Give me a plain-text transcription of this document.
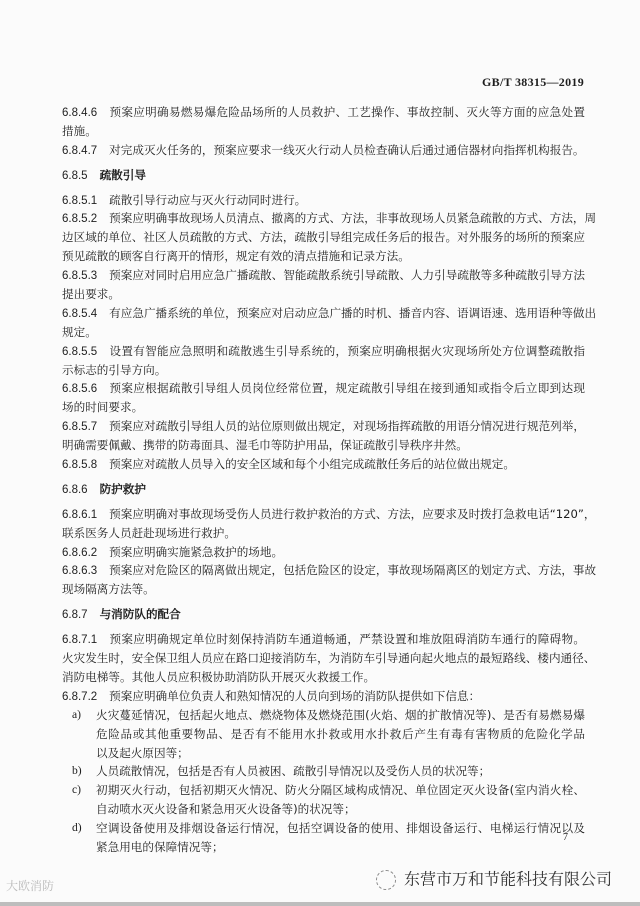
GB/T 38315—2019
6.8.4.6 预案应明确易燃易爆危险品场所的人员救护、工艺操作、事故控制、灭火等方面的应急处置
措施。
6.8.4.7 对完成灭火任务的，预案应要求一线灭火行动人员检查确认后通过通信器材向指挥机构报告。
6.8.5 疏散引导
6.8.5.1 疏散引导行动应与灭火行动同时进行。
6.8.5.2 预案应明确事故现场人员清点、撤离的方式、方法，非事故现场人员紧急疏散的方式、方法，周
边区域的单位、社区人员疏散的方式、方法，疏散引导组完成任务后的报告。对外服务的场所的预案应
预见疏散的顾客自行离开的情形，规定有效的清点措施和记录方法。
6.8.5.3 预案应对同时启用应急广播疏散、智能疏散系统引导疏散、人力引导疏散等多种疏散引导方法
提出要求。
6.8.5.4 有应急广播系统的单位，预案应对启动应急广播的时机、播音内容、语调语速、选用语种等做出
规定。
6.8.5.5 设置有智能应急照明和疏散逃生引导系统的，预案应明确根据火灾现场所处方位调整疏散指
示标志的引导方向。
6.8.5.6 预案应根据疏散引导组人员岗位经常位置，规定疏散引导组在接到通知或指令后立即到达现
场的时间要求。
6.8.5.7 预案应对疏散引导组人员的站位原则做出规定，对现场指挥疏散的用语分情况进行规范列举，
明确需要佩戴、携带的防毒面具、湿毛巾等防护用品，保证疏散引导秩序井然。
6.8.5.8 预案应对疏散人员导入的安全区域和每个小组完成疏散任务后的站位做出规定。
6.8.6 防护救护
6.8.6.1 预案应明确对事故现场受伤人员进行救护救治的方式、方法，应要求及时拨打急救电话“120”，
联系医务人员赶赴现场进行救护。
6.8.6.2 预案应明确实施紧急救护的场地。
6.8.6.3 预案应对危险区的隔离做出规定，包括危险区的设定，事故现场隔离区的划定方式、方法，事故
现场隔离方法等。
6.8.7 与消防队的配合
6.8.7.1 预案应明确规定单位时刻保持消防车通道畅通，严禁设置和堆放阻碍消防车通行的障碍物。
火灾发生时，安全保卫组人员应在路口迎接消防车，为消防车引导通向起火地点的最短路线、楼内通径、
消防电梯等。其他人员应积极协助消防队开展灭火救援工作。
6.8.7.2 预案应明确单位负责人和熟知情况的人员向到场的消防队提供如下信息：
a) 火灾蔓延情况，包括起火地点、燃烧物体及燃烧范围(火焰、烟的扩散情况等)、是否有易燃易爆
危险品或其他重要物品、是否有不能用水扑救或用水扑救后产生有毒有害物质的危险化学品
以及起火原因等；
b) 人员疏散情况，包括是否有人员被困、疏散引导情况以及受伤人员的状况等；
c) 初期灭火行动，包括初期灭火情况、防火分隔区域构成情况、单位固定灭火设备(室内消火栓、
自动喷水灭火设备和紧急用灭火设备等)的状况等；
d) 空调设备使用及排烟设备运行情况，包括空调设备的使用、排烟设备运行、电梯运行情况以及
紧急用电的保障情况等；
7
大欧消防	东营市万和节能科技有限公司
